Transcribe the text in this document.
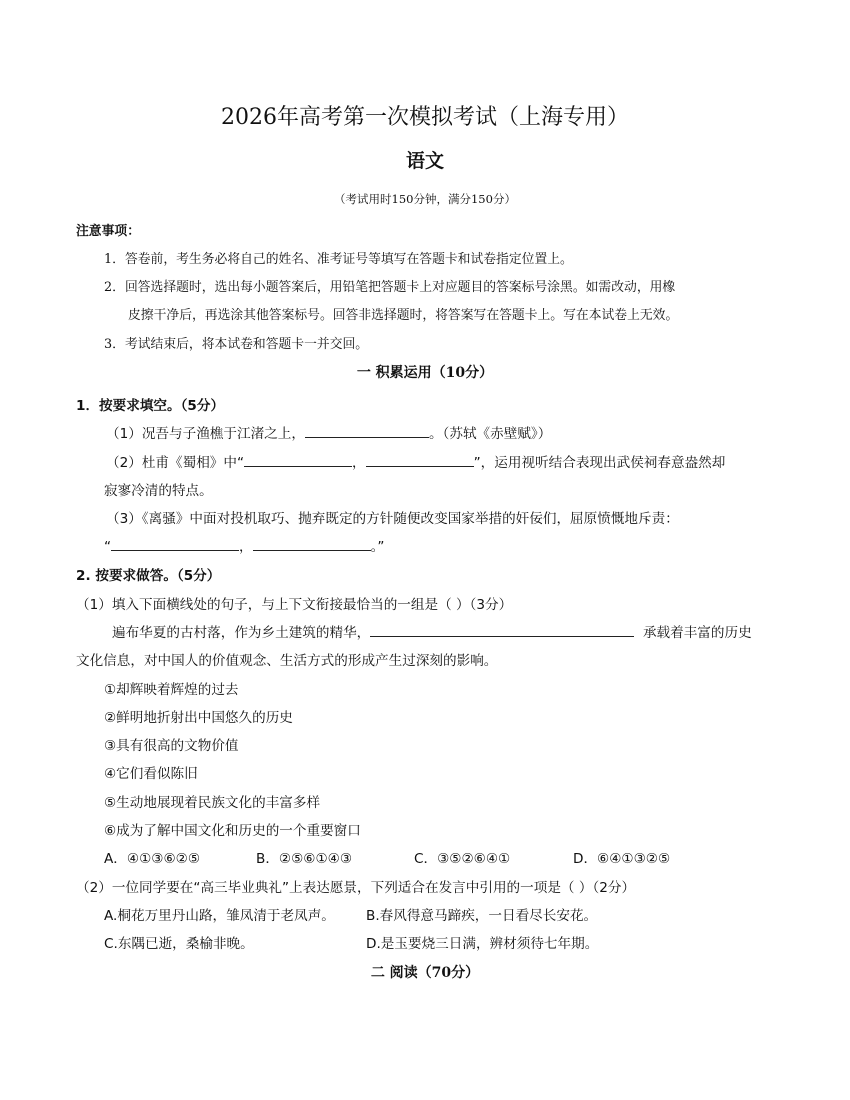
2026年高考第一次模拟考试（上海专用）
语文
（考试用时150分钟，满分150分）
注意事项：
1．答卷前，考生务必将自己的姓名、准考证号等填写在答题卡和试卷指定位置上。
2．回答选择题时，选出每小题答案后，用铅笔把答题卡上对应题目的答案标号涂黑。如需改动，用橡
皮擦干净后，再选涂其他答案标号。回答非选择题时，将答案写在答题卡上。写在本试卷上无效。
3．考试结束后，将本试卷和答题卡一并交回。
一 积累运用（10分）
1．按要求填空。（5分）
（1）况吾与子渔樵于江渚之上，	。（苏轼《赤壁赋》）
（2）杜甫《蜀相》中“	，	”，运用视听结合表现出武侯祠春意盎然却
寂寥冷清的特点。
（3）《离骚》中面对投机取巧、抛弃既定的方针随便改变国家举措的奸佞们，屈原愤慨地斥责：
“	，	。”
2. 按要求做答。（5分）
（1）填入下面横线处的句子，与上下文衔接最恰当的一组是（ ）（3分）
遍布华夏的古村落，作为乡土建筑的精华，	承载着丰富的历史
文化信息，对中国人的价值观念、生活方式的形成产生过深刻的影响。
①却辉映着辉煌的过去
②鲜明地折射出中国悠久的历史
③具有很高的文物价值
④它们看似陈旧
⑤生动地展现着民族文化的丰富多样
⑥成为了解中国文化和历史的一个重要窗口
A．④①③⑥②⑤	B．②⑤⑥①④③	C．③⑤②⑥④①	D．⑥④①③②⑤
（2）一位同学要在“高三毕业典礼”上表达愿景，下列适合在发言中引用的一项是（ ）（2分）
A.桐花万里丹山路，雏凤清于老凤声。 B.春风得意马蹄疾，一日看尽长安花。
C.东隅已逝，桑榆非晚。	D.是玉要烧三日满，辨材须待七年期。
二 阅读（70分）
